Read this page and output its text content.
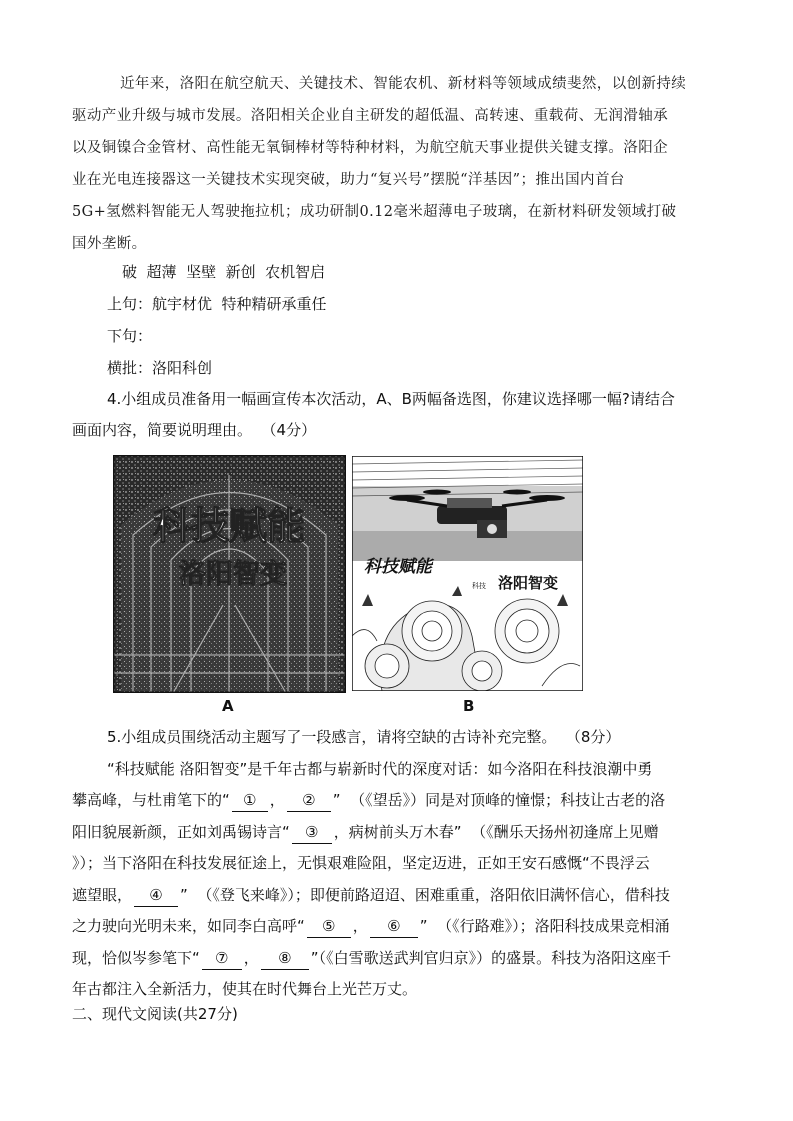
近年来，洛阳在航空航天、关键技术、智能农机、新材料等领域成绩斐然，以创新持续
驱动产业升级与城市发展。洛阳相关企业自主研发的超低温、高转速、重载荷、无润滑轴承
以及铜镍合金管材、高性能无氧铜棒材等特种材料，为航空航天事业提供关键支撑。洛阳企
业在光电连接器这一关键技术实现突破，助力“复兴号”摆脱“洋基因”；推出国内首台
5G+氢燃料智能无人驾驶拖拉机；成功研制0.12毫米超薄电子玻璃，在新材料研发领域打破
国外垄断。
破  超薄  坚壁  新创  农机智启
上句：航宇材优  特种精研承重任
下句：
横批：洛阳科创
4.小组成员准备用一幅画宣传本次活动，A、B两幅备选图，你建议选择哪一幅?请结合
画面内容，简要说明理由。  （4分）
科技赋能
洛阳智变
A
科技赋能
科技 洛阳智变
B
5.小组成员围绕活动主题写了一段感言，请将空缺的古诗补充完整。  （8分）
“科技赋能 洛阳智变”是千年古都与崭新时代的深度对话：如今洛阳在科技浪潮中勇
攀高峰，与杜甫笔下的“ ① ， ② ”  （《望岳》）同是对顶峰的憧憬；科技让古老的洛
阳旧貌展新颜，正如刘禹锡诗言“ ③ ，病树前头万木春”  （《酬乐天扬州初逢席上见赠
》）；当下洛阳在科技发展征途上，无惧艰难险阻，坚定迈进，正如王安石感慨“不畏浮云
遮望眼， ④ ”  （《登飞来峰》）；即便前路迢迢、困难重重，洛阳依旧满怀信心，借科技
之力驶向光明未来，如同李白高呼“ ⑤ ， ⑥ ”  （《行路难》）；洛阳科技成果竞相涌
现，恰似岑参笔下“ ⑦ ， ⑧ ”（《白雪歌送武判官归京》）的盛景。科技为洛阳这座千
年古都注入全新活力，使其在时代舞台上光芒万丈。
二、现代文阅读(共27分)
